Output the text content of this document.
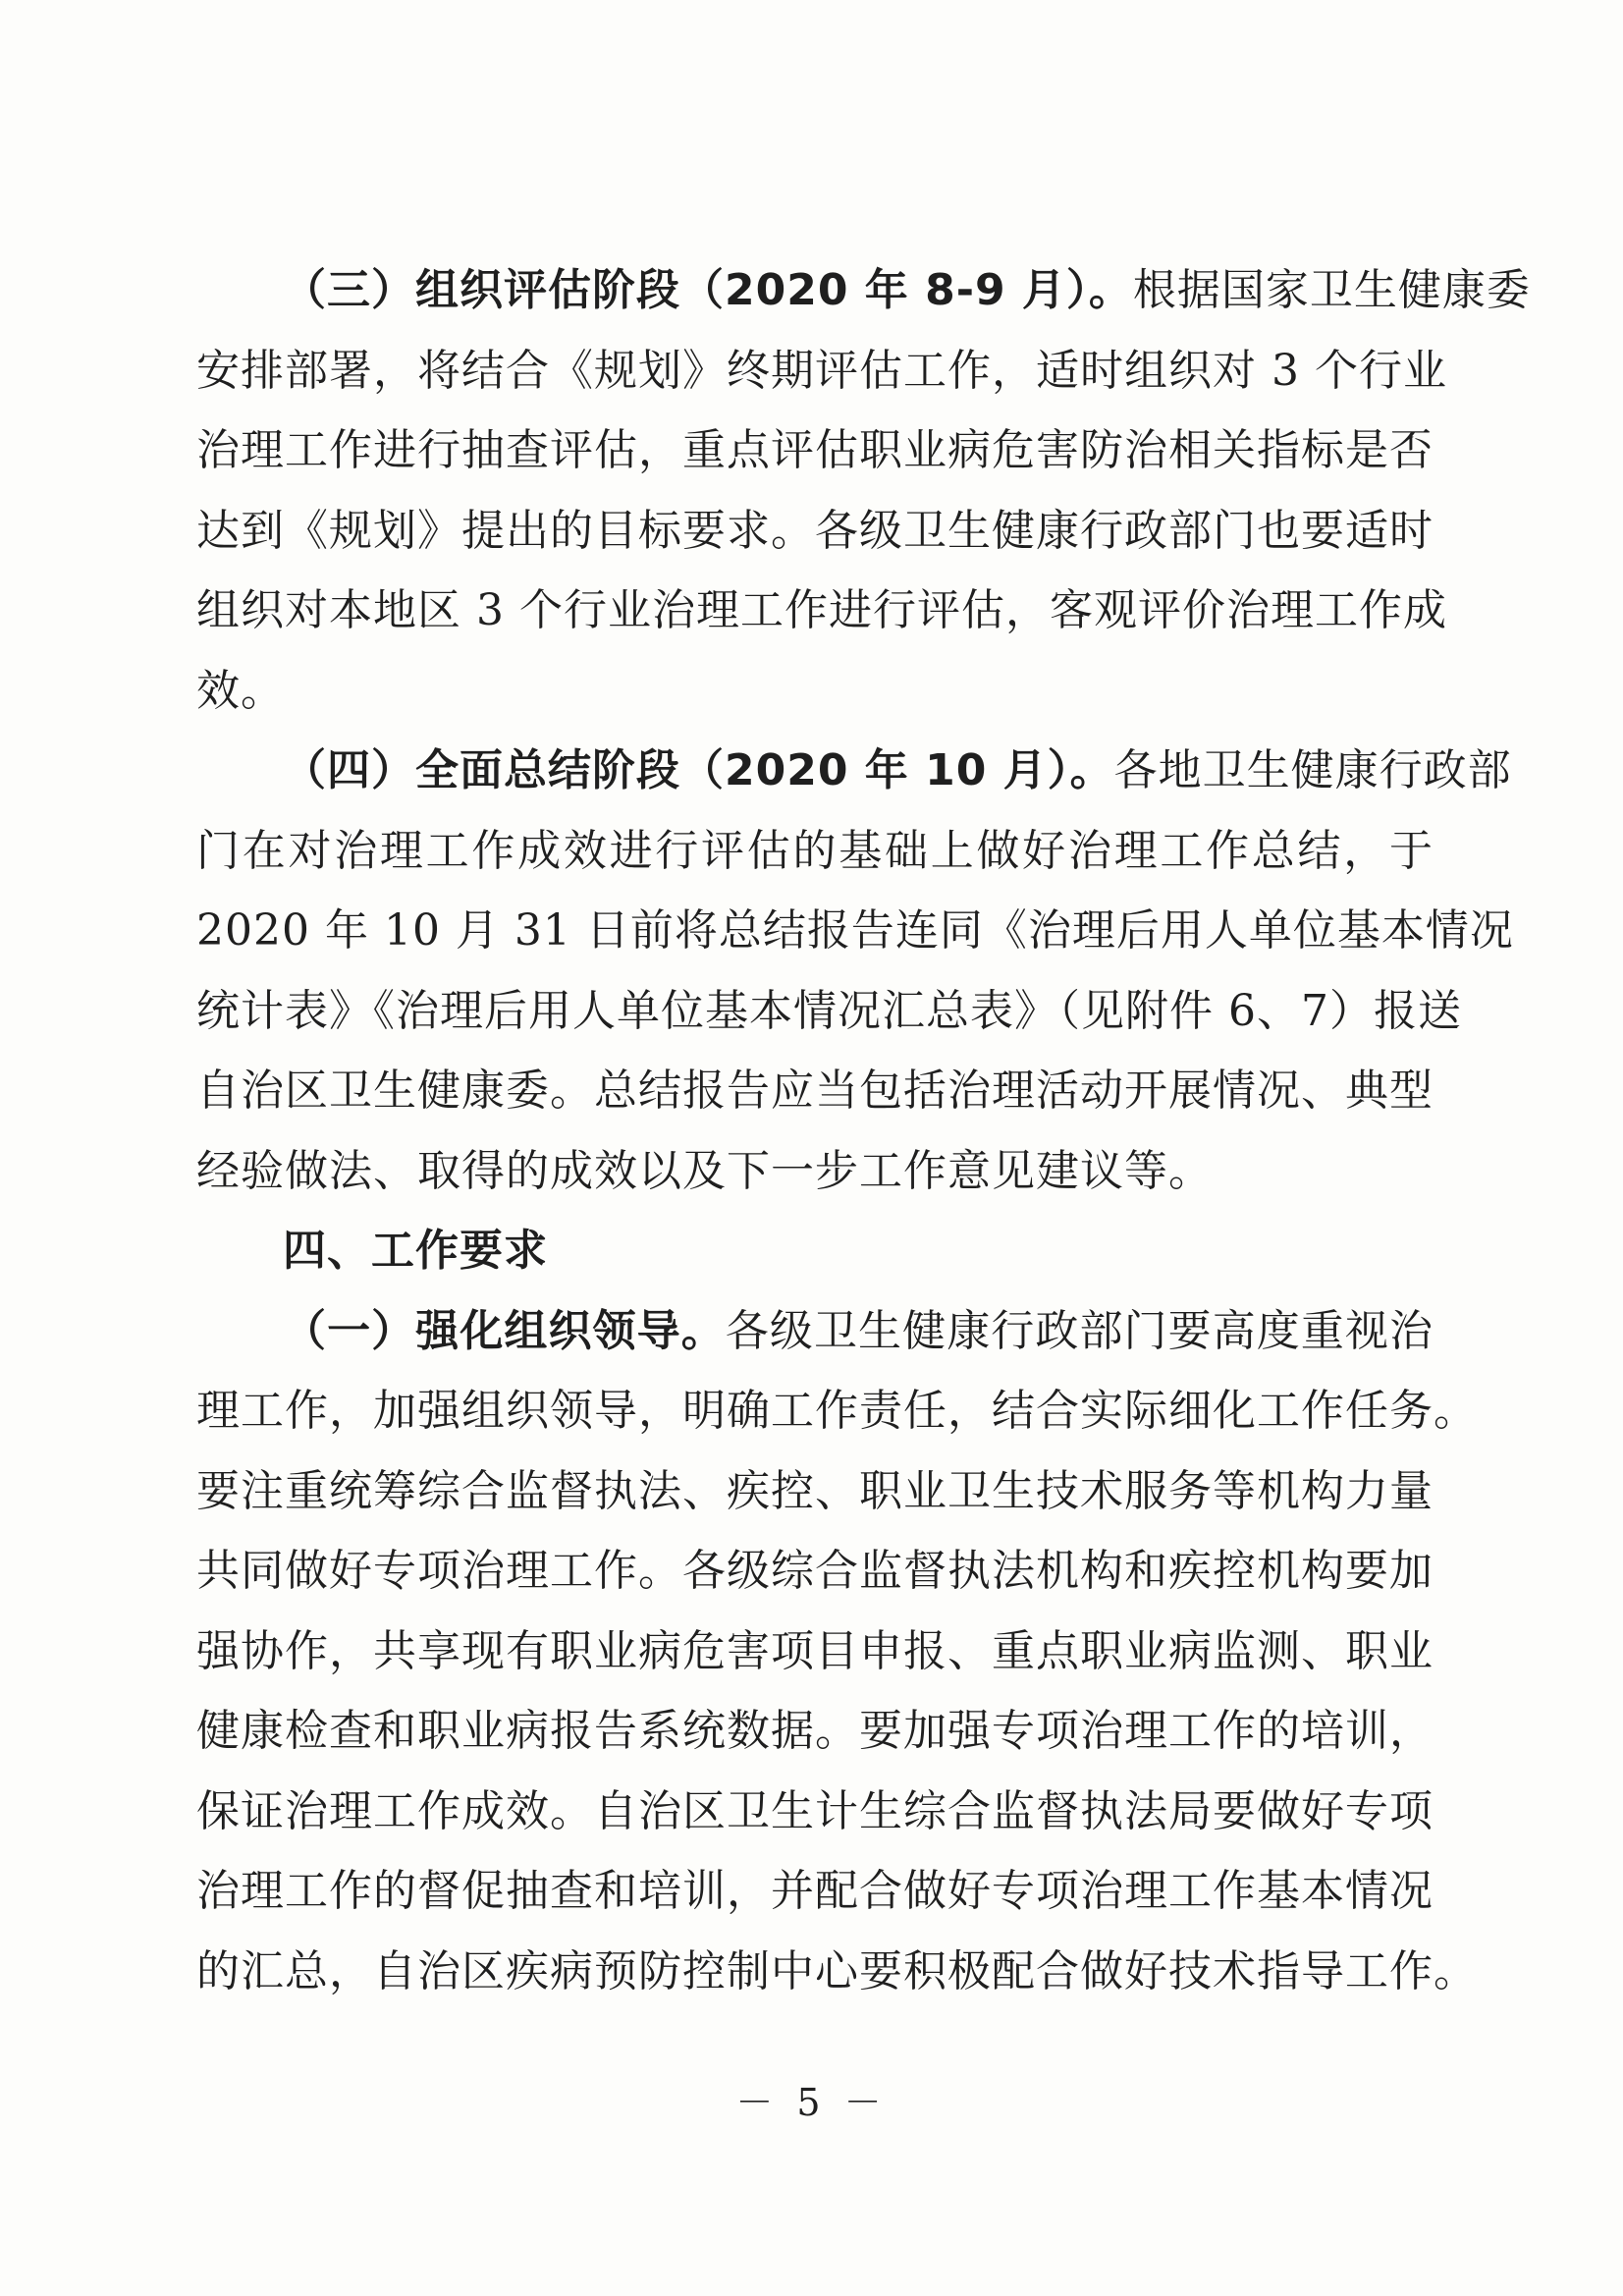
（三）组织评估阶段（2020 年 8-9 月）。根据国家卫生健康委
安排部署，将结合《规划》终期评估工作，适时组织对 3 个行业
治理工作进行抽查评估，重点评估职业病危害防治相关指标是否
达到《规划》提出的目标要求。各级卫生健康行政部门也要适时
组织对本地区 3 个行业治理工作进行评估，客观评价治理工作成
效。
（四）全面总结阶段（2020 年 10 月）。各地卫生健康行政部
门在对治理工作成效进行评估的基础上做好治理工作总结，于
2020 年 10 月 31 日前将总结报告连同《治理后用人单位基本情况
统计表》《治理后用人单位基本情况汇总表》（见附件 6、7）报送
自治区卫生健康委。总结报告应当包括治理活动开展情况、典型
经验做法、取得的成效以及下一步工作意见建议等。
四、工作要求
（一）强化组织领导。各级卫生健康行政部门要高度重视治
理工作，加强组织领导，明确工作责任，结合实际细化工作任务。
要注重统筹综合监督执法、疾控、职业卫生技术服务等机构力量
共同做好专项治理工作。各级综合监督执法机构和疾控机构要加
强协作，共享现有职业病危害项目申报、重点职业病监测、职业
健康检查和职业病报告系统数据。要加强专项治理工作的培训，
保证治理工作成效。自治区卫生计生综合监督执法局要做好专项
治理工作的督促抽查和培训，并配合做好专项治理工作基本情况
的汇总，自治区疾病预防控制中心要积极配合做好技术指导工作。
－ 5 －
